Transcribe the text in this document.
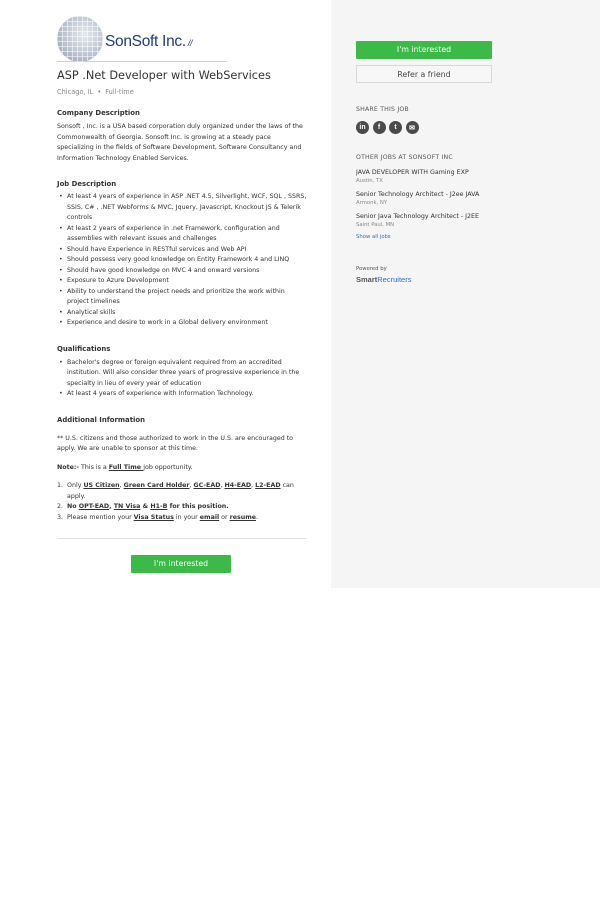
SonSoft Inc. //
ASP .Net Developer with WebServices
Chicago, IL • Full-time
Company Description

Sonsoft , Inc. is a USA based corporation duly organized under the laws of the Commonwealth of Georgia. Sonsoft Inc. is growing at a steady pace specializing in the fields of Software Development, Software Consultancy and Information Technology Enabled Services.

Job Description
• At least 4 years of experience in ASP .NET 4.5, Silverlight, WCF, SQL , SSRS, SSIS, C# , .NET Webforms & MVC, Jquery, Javascript, Knockout JS & Telerik controls
• At least 2 years of experience in .net Framework, configuration and assemblies with relevant issues and challenges
• Should have Experience in RESTful services and Web API
• Should possess very good knowledge on Entity Framework 4 and LINQ
• Should have good knowledge on MVC 4 and onward versions
• Exposure to Azure Development
• Ability to understand the project needs and prioritize the work within project timelines
• Analytical skills
• Experience and desire to work in a Global delivery environment
Qualifications
• Bachelor's degree or foreign equivalent required from an accredited institution. Will also consider three years of progressive experience in the specialty in lieu of every year of education
• At least 4 years of experience with Information Technology.
Additional Information

** U.S. citizens and those authorized to work in the U.S. are encouraged to apply. We are unable to sponsor at this time.

Note:- This is a Full Time job opportunity.

1. Only US Citizen, Green Card Holder, GC-EAD, H4-EAD, L2-EAD can apply.
2. No OPT-EAD, TN Visa & H1-B for this position.
3. Please mention your Visa Status in your email or resume.
I'm interested
I'm interested
Refer a friend
SHARE THIS JOB
in	f	t	✉
OTHER JOBS AT SONSOFT INC
JAVA DEVELOPER WITH Gaming EXP
Austin, TX
Senior Technology Architect - J2ee JAVA
Armonk, NY
Senior Java Technology Architect - J2EE
Saint Paul, MN
Show all jobs
Powered by
SmartRecruiters
